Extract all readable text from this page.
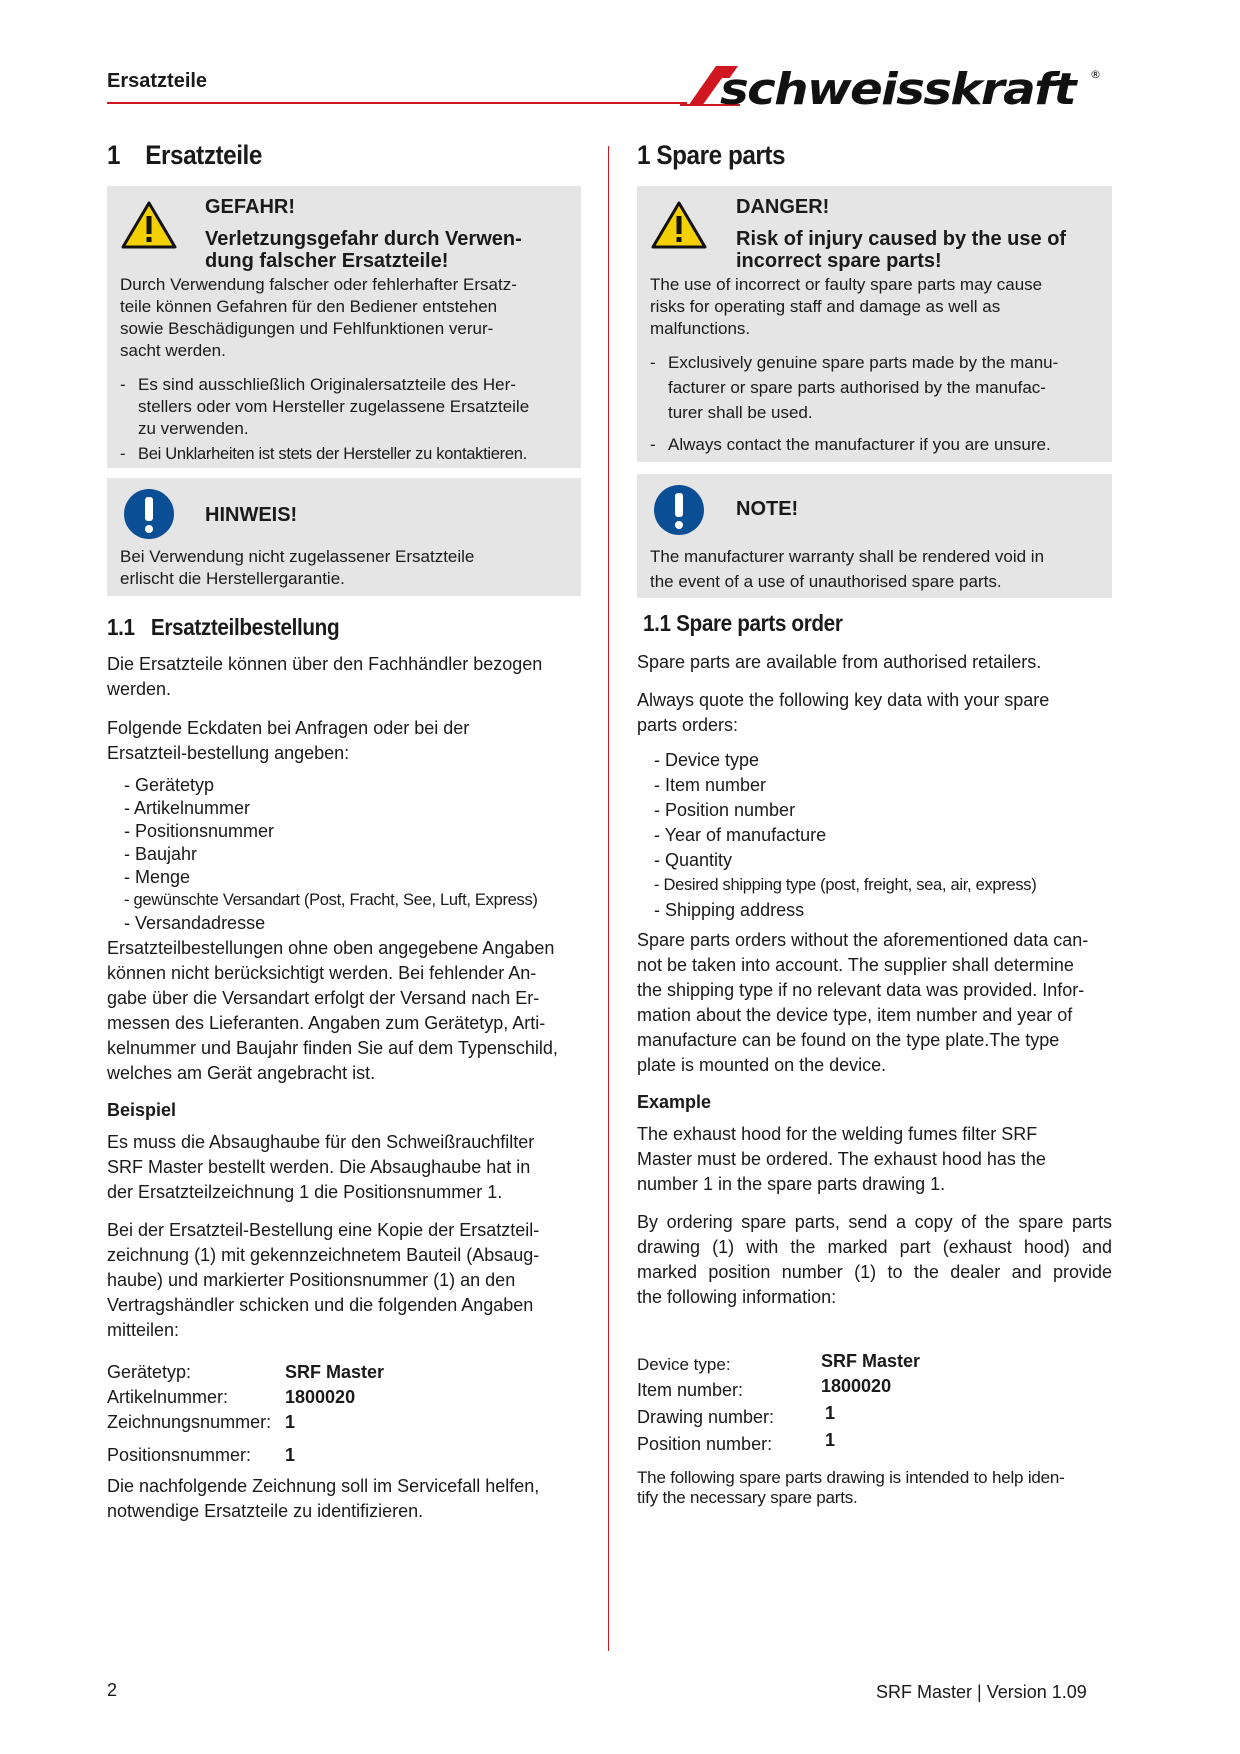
Ersatzteile	schweisskraft ®
1 Ersatzteile
GEFAHR!
Verletzungsgefahr durch Verwen-
dung falscher Ersatzteile!
Durch Verwendung falscher oder fehlerhafter Ersatz-
teile können Gefahren für den Bediener entstehen
sowie Beschädigungen und Fehlfunktionen verur-
sacht werden.
- Es sind ausschließlich Originalersatzteile des Her-
stellers oder vom Hersteller zugelassene Ersatzteile
zu verwenden.
- Bei Unklarheiten ist stets der Hersteller zu kontaktieren.
HINWEIS!
Bei Verwendung nicht zugelassener Ersatzteile
erlischt die Herstellergarantie.
1.1 Ersatzteilbestellung
Die Ersatzteile können über den Fachhändler bezogen
werden.
Folgende Eckdaten bei Anfragen oder bei der
Ersatzteil-bestellung angeben:
- Gerätetyp
- Artikelnummer
- Positionsnummer
- Baujahr
- Menge
- gewünschte Versandart (Post, Fracht, See, Luft, Express)
- Versandadresse
Ersatzteilbestellungen ohne oben angegebene Angaben
können nicht berücksichtigt werden. Bei fehlender An-
gabe über die Versandart erfolgt der Versand nach Er-
messen des Lieferanten. Angaben zum Gerätetyp, Arti-
kelnummer und Baujahr finden Sie auf dem Typenschild,
welches am Gerät angebracht ist.
Beispiel
Es muss die Absaughaube für den Schweißrauchfilter
SRF Master bestellt werden. Die Absaughaube hat in
der Ersatzteilzeichnung 1 die Positionsnummer 1.
Bei der Ersatzteil-Bestellung eine Kopie der Ersatzteil-
zeichnung (1) mit gekennzeichnetem Bauteil (Absaug-
haube) und markierter Positionsnummer (1) an den
Vertragshändler schicken und die folgenden Angaben
mitteilen:
Gerätetyp:	SRF Master
Artikelnummer:	1800020
Zeichnungsnummer: 1
Positionsnummer: 1
Die nachfolgende Zeichnung soll im Servicefall helfen,
notwendige Ersatzteile zu identifizieren.
1 Spare parts
DANGER!
Risk of injury caused by the use of
incorrect spare parts!
The use of incorrect or faulty spare parts may cause
risks for operating staff and damage as well as
malfunctions.
- Exclusively genuine spare parts made by the manu-
facturer or spare parts authorised by the manufac-
turer shall be used.
- Always contact the manufacturer if you are unsure.
NOTE!
The manufacturer warranty shall be rendered void in
the event of a use of unauthorised spare parts.
1.1 Spare parts order
Spare parts are available from authorised retailers.
Always quote the following key data with your spare
parts orders:
- Device type
- Item number
- Position number
- Year of manufacture
- Quantity
- Desired shipping type (post, freight, sea, air, express)
- Shipping address
Spare parts orders without the aforementioned data can-
not be taken into account. The supplier shall determine
the shipping type if no relevant data was provided. Infor-
mation about the device type, item number and year of
manufacture can be found on the type plate.The type
plate is mounted on the device.
Example
The exhaust hood for the welding fumes filter SRF
Master must be ordered. The exhaust hood has the
number 1 in the spare parts drawing 1.
By ordering spare parts, send a copy of the spare parts
drawing (1) with the marked part (exhaust hood) and
marked position number (1) to the dealer and provide
the following information:
Device type:	SRF Master
Item number:	1800020
Drawing number:	1
Position number:	1
The following spare parts drawing is intended to help iden-
tify the necessary spare parts.
2	SRF Master | Version 1.09
